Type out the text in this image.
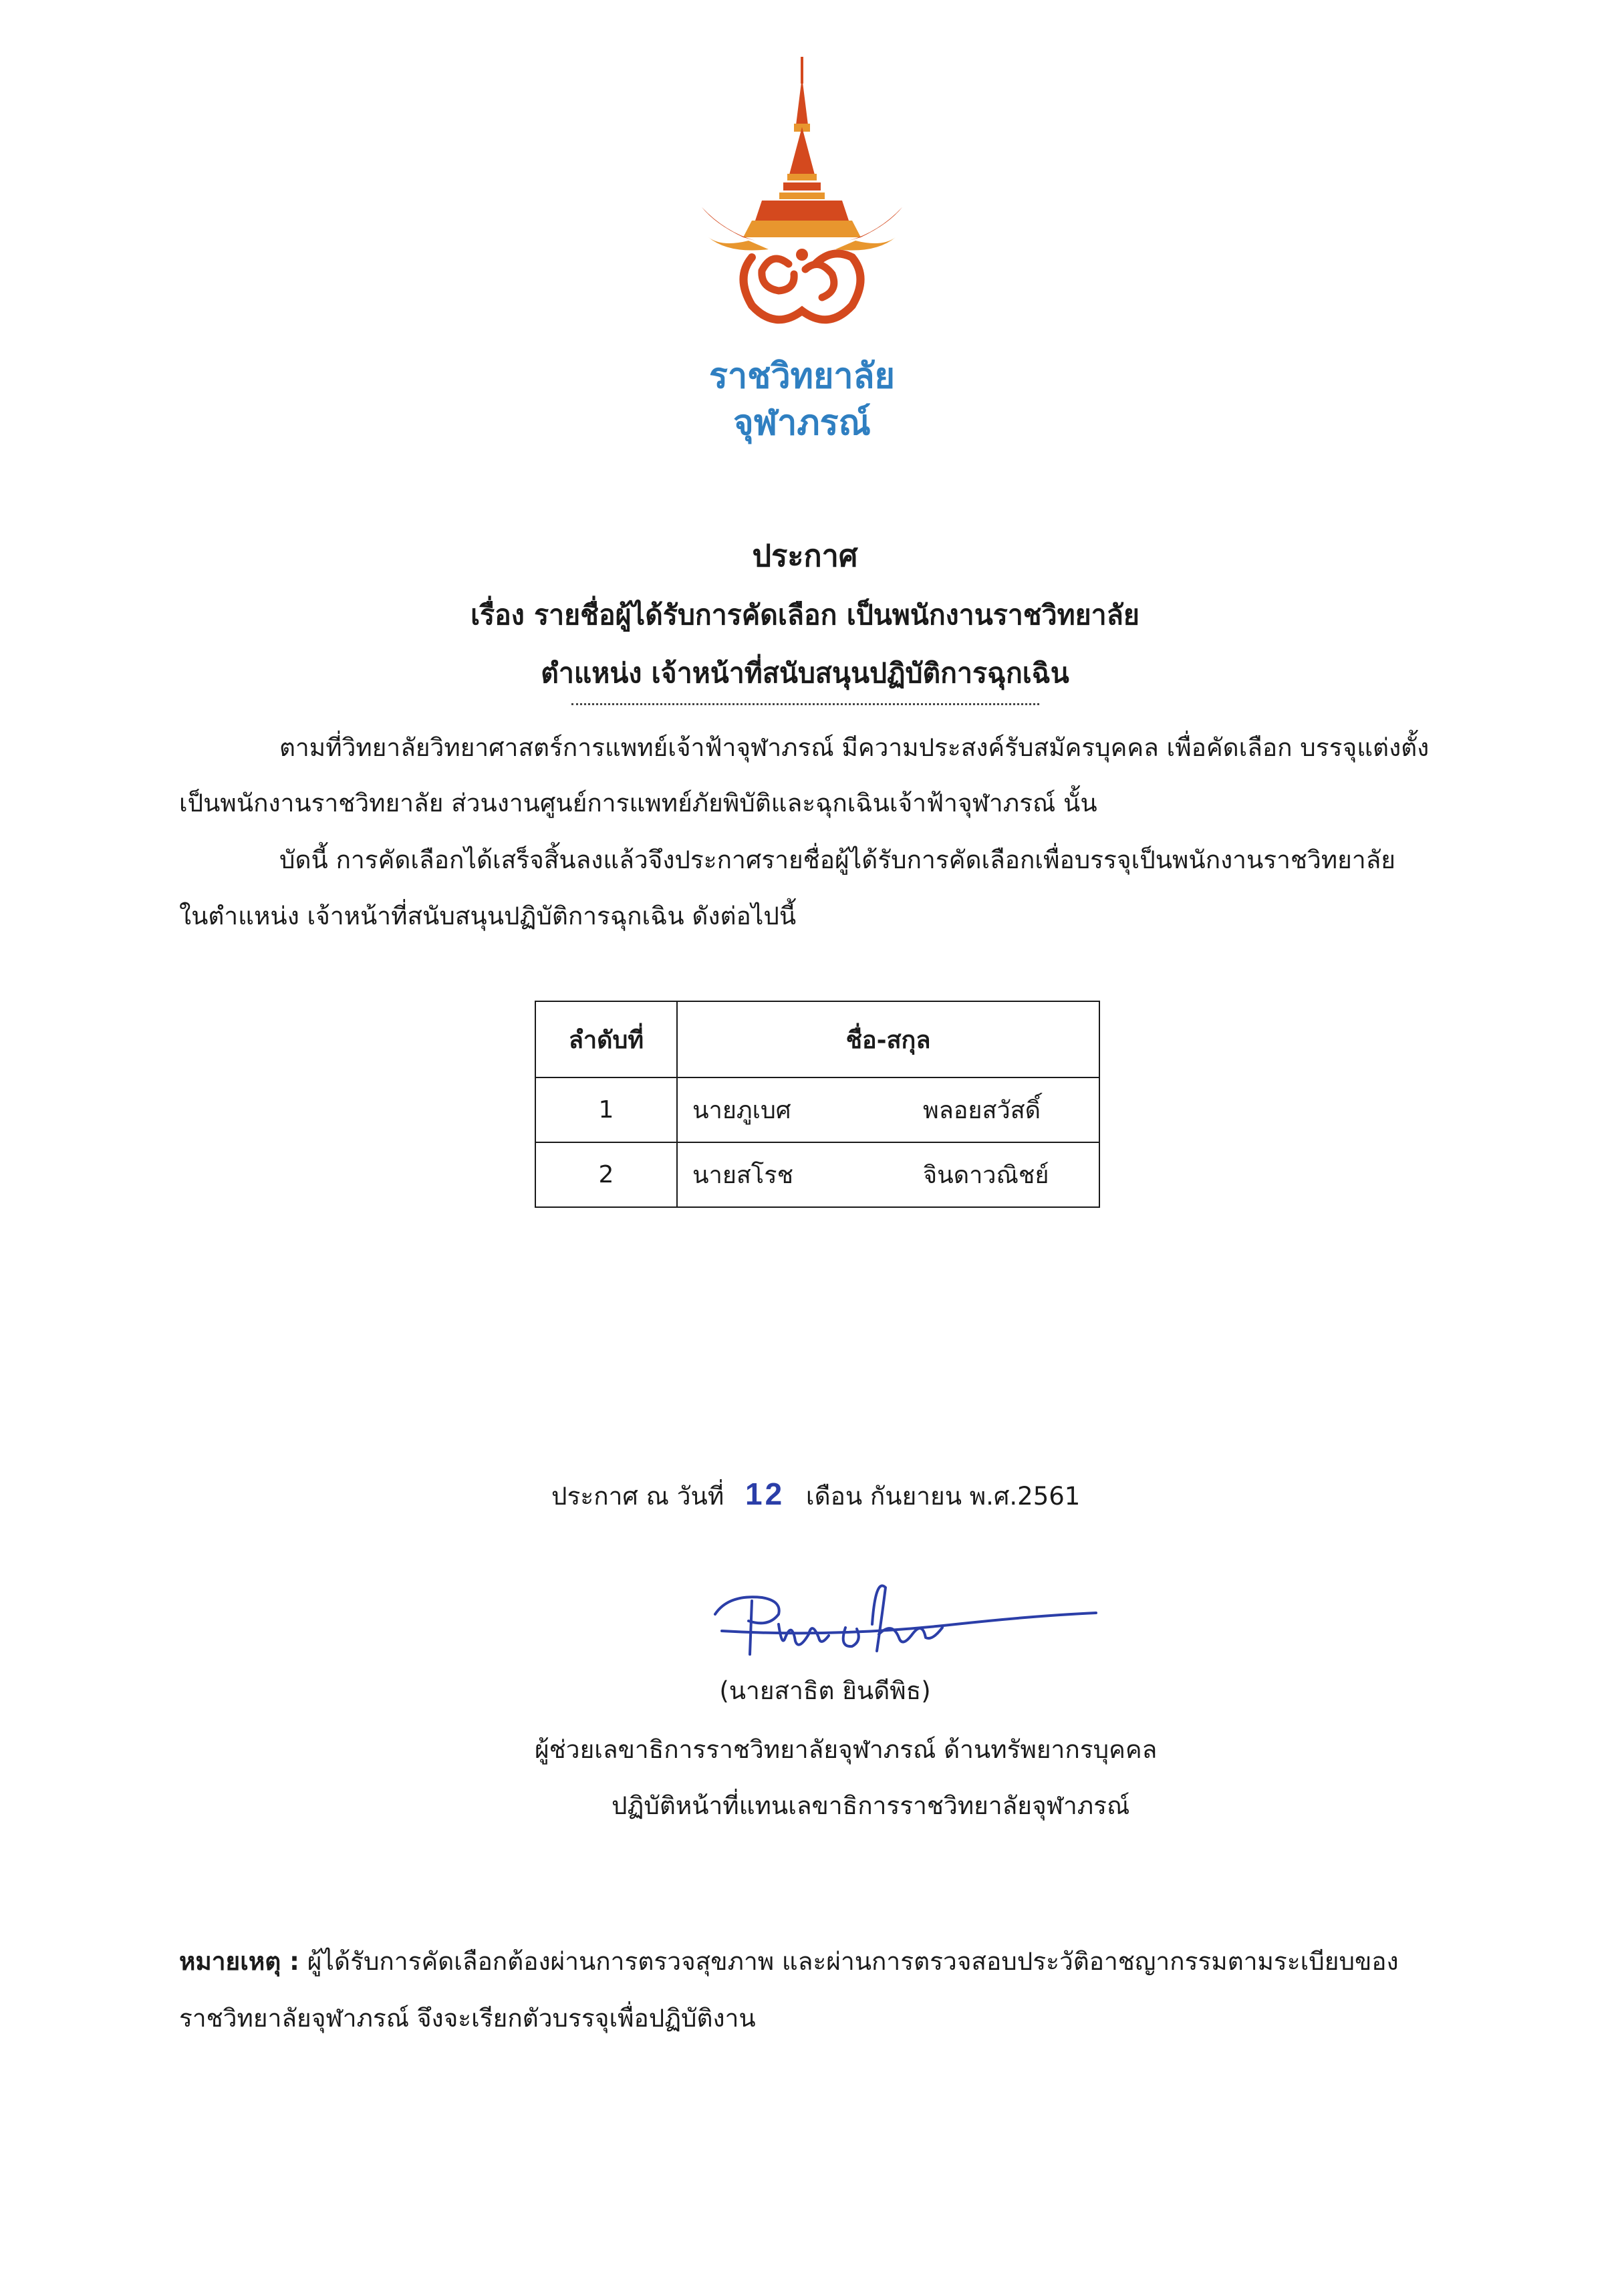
ราชวิทยาลัย
จุฬาภรณ์
ประกาศ
เรื่อง รายชื่อผู้ได้รับการคัดเลือก เป็นพนักงานราชวิทยาลัย
ตำแหน่ง เจ้าหน้าที่สนับสนุนปฏิบัติการฉุกเฉิน
ตามที่วิทยาลัยวิทยาศาสตร์การแพทย์เจ้าฟ้าจุฬาภรณ์ มีความประสงค์รับสมัครบุคคล เพื่อคัดเลือก บรรจุแต่งตั้ง
เป็นพนักงานราชวิทยาลัย ส่วนงานศูนย์การแพทย์ภัยพิบัติและฉุกเฉินเจ้าฟ้าจุฬาภรณ์ นั้น
บัดนี้ การคัดเลือกได้เสร็จสิ้นลงแล้วจึงประกาศรายชื่อผู้ได้รับการคัดเลือกเพื่อบรรจุเป็นพนักงานราชวิทยาลัย
ในตำแหน่ง เจ้าหน้าที่สนับสนุนปฏิบัติการฉุกเฉิน ดังต่อไปนี้
ลำดับที่	ชื่อ-สกุล
1	นายภูเบศ พลอยสวัสดิ์

2	นายสโรช จินดาวณิชย์
ประกาศ ณ วันที่ 12 เดือน กันยายน พ.ศ.2561
(นายสาธิต ยินดีพิธ)
ผู้ช่วยเลขาธิการราชวิทยาลัยจุฬาภรณ์ ด้านทรัพยากรบุคคล
ปฏิบัติหน้าที่แทนเลขาธิการราชวิทยาลัยจุฬาภรณ์
หมายเหตุ : ผู้ได้รับการคัดเลือกต้องผ่านการตรวจสุขภาพ และผ่านการตรวจสอบประวัติอาชญากรรมตามระเบียบของ
ราชวิทยาลัยจุฬาภรณ์ จึงจะเรียกตัวบรรจุเพื่อปฏิบัติงาน
